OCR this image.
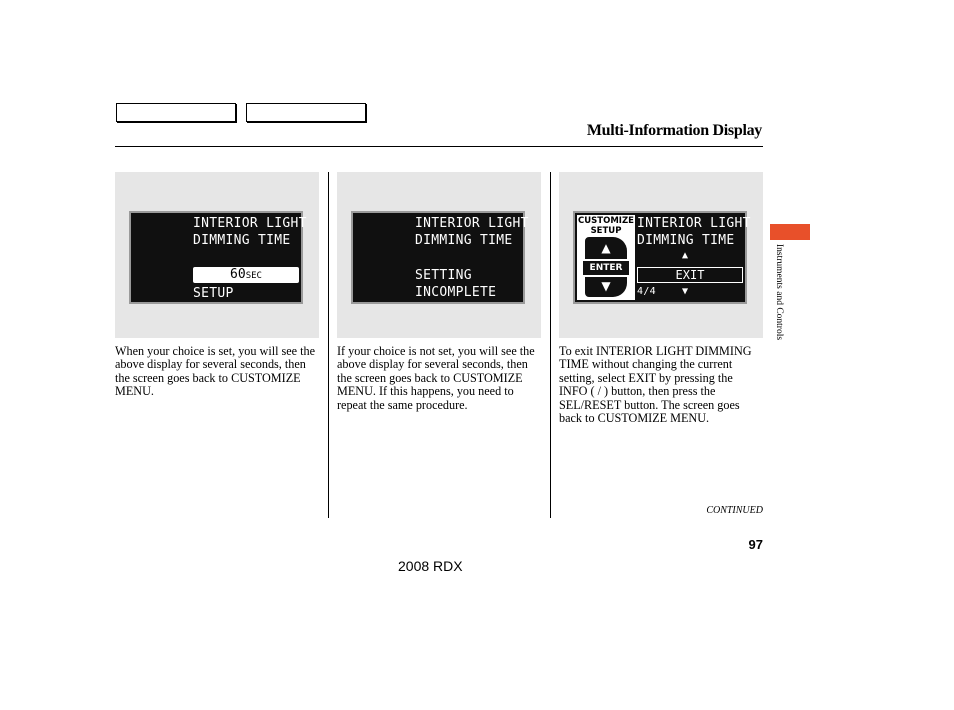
Multi-Information Display
Instruments and Controls
INTERIOR LIGHT
DIMMING TIME
60SEC
SETUP
INTERIOR LIGHT
DIMMING TIME
SETTING
INCOMPLETE
CUSTOMIZE
SETUP
▲
ENTER
▼
INTERIOR LIGHT
DIMMING TIME
▲
EXIT
4/4	▼
When your choice is set, you will see the above display for several seconds, then the screen goes back to CUSTOMIZE MENU.
If your choice is not set, you will see the above display for several seconds, then the screen goes back to CUSTOMIZE MENU. If this happens, you need to repeat the same procedure.
To exit INTERIOR LIGHT DIMMING TIME without changing the current setting, select EXIT by pressing the INFO ( / ) button, then press the SEL/RESET button. The screen goes back to CUSTOMIZE MENU.
CONTINUED
97
2008 RDX
